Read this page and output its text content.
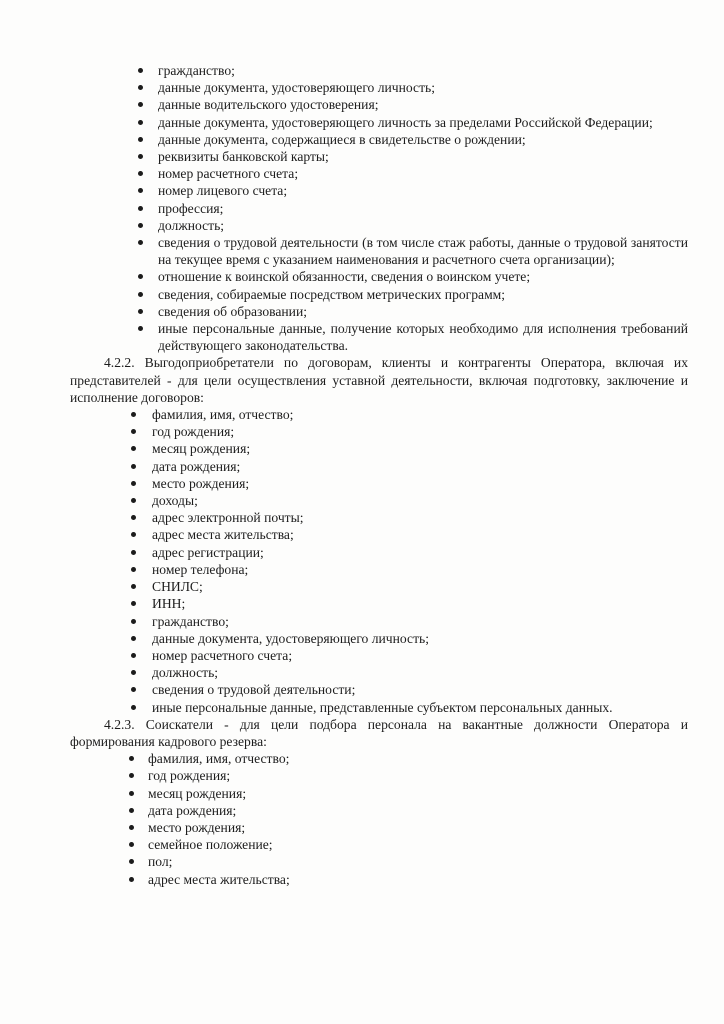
гражданство;
данные документа, удостоверяющего личность;
данные водительского удостоверения;
данные документа, удостоверяющего личность за пределами Российской Федерации;
данные документа, содержащиеся в свидетельстве о рождении;
реквизиты банковской карты;
номер расчетного счета;
номер лицевого счета;
профессия;
должность;
сведения о трудовой деятельности (в том числе стаж работы, данные о трудовой занятости на текущее время с указанием наименования и расчетного счета организации);
отношение к воинской обязанности, сведения о воинском учете;
сведения, собираемые посредством метрических программ;
сведения об образовании;
иные персональные данные, получение которых необходимо для исполнения требований действующего законодательства.

4.2.2. Выгодоприобретатели по договорам, клиенты и контрагенты Оператора, включая их представителей - для цели осуществления уставной деятельности, включая подготовку, заключение и исполнение договоров:

фамилия, имя, отчество;
год рождения;
месяц рождения;
дата рождения;
место рождения;
доходы;
адрес электронной почты;
адрес места жительства;
адрес регистрации;
номер телефона;
СНИЛС;
ИНН;
гражданство;
данные документа, удостоверяющего личность;
номер расчетного счета;
должность;
сведения о трудовой деятельности;
иные персональные данные, представленные субъектом персональных данных.

4.2.3. Соискатели - для цели подбора персонала на вакантные должности Оператора и формирования кадрового резерва:

фамилия, имя, отчество;
год рождения;
месяц рождения;
дата рождения;
место рождения;
семейное положение;
пол;
адрес места жительства;
